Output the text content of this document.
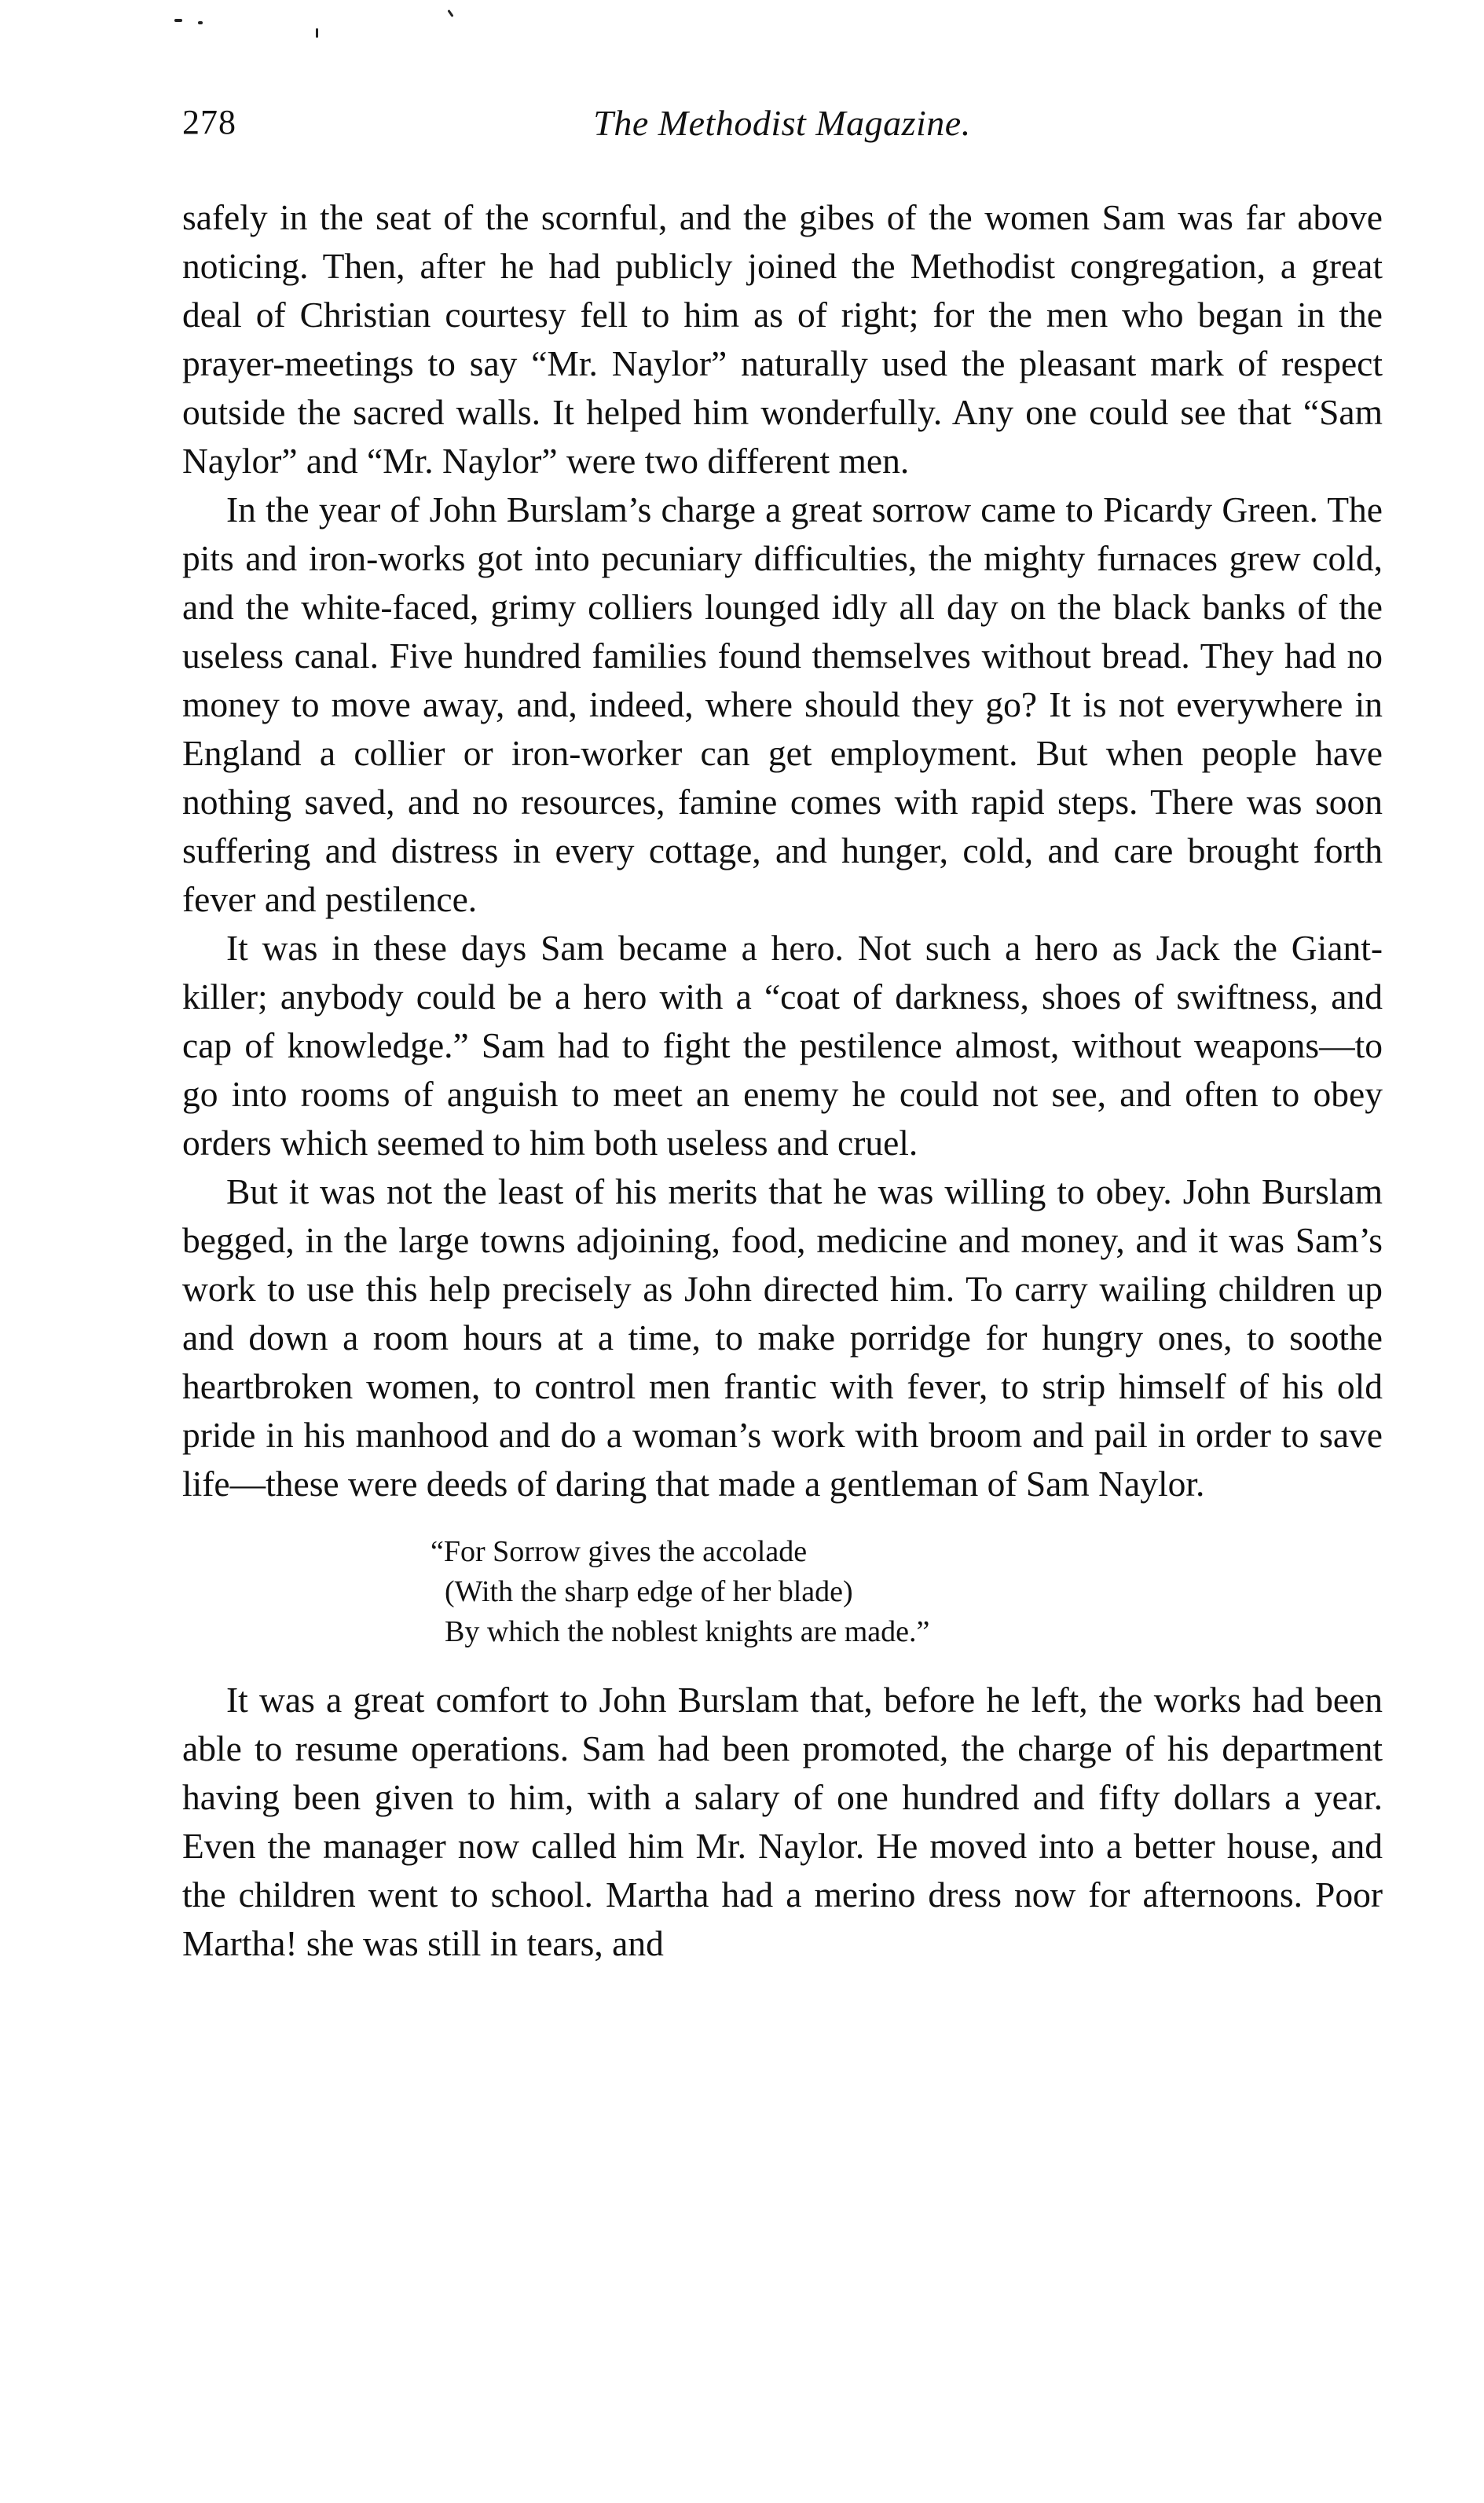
278	The Methodist Magazine.

safely in the seat of the scornful, and the gibes of the women Sam was far above noticing. Then, after he had publicly joined the Methodist congregation, a great deal of Christian courtesy fell to him as of right; for the men who began in the prayer-meetings to say “Mr. Naylor” naturally used the pleasant mark of respect outside the sacred walls. It helped him wonderfully. Any one could see that “Sam Naylor” and “Mr. Naylor” were two different men.

In the year of John Burslam’s charge a great sorrow came to Picardy Green. The pits and iron-works got into pecuniary difficulties, the mighty furnaces grew cold, and the white-faced, grimy colliers lounged idly all day on the black banks of the useless canal. Five hundred families found themselves without bread. They had no money to move away, and, indeed, where should they go? It is not everywhere in England a collier or iron-worker can get employment. But when people have nothing saved, and no resources, famine comes with rapid steps. There was soon suffering and distress in every cottage, and hunger, cold, and care brought forth fever and pestilence.

It was in these days Sam became a hero. Not such a hero as Jack the Giant-killer; anybody could be a hero with a “coat of darkness, shoes of swiftness, and cap of knowledge.” Sam had to fight the pestilence almost, without weapons—to go into rooms of anguish to meet an enemy he could not see, and often to obey orders which seemed to him both useless and cruel.

But it was not the least of his merits that he was willing to obey. John Burslam begged, in the large towns adjoining, food, medicine and money, and it was Sam’s work to use this help precisely as John directed him. To carry wailing children up and down a room hours at a time, to make porridge for hungry ones, to soothe heartbroken women, to control men frantic with fever, to strip himself of his old pride in his manhood and do a woman’s work with broom and pail in order to save life—these were deeds of daring that made a gentleman of Sam Naylor.

“For Sorrow gives the accolade
(With the sharp edge of her blade)
By which the noblest knights are made.”

It was a great comfort to John Burslam that, before he left, the works had been able to resume operations. Sam had been promoted, the charge of his department having been given to him, with a salary of one hundred and fifty dollars a year. Even the manager now called him Mr. Naylor. He moved into a better house, and the children went to school. Martha had a merino dress now for afternoons. Poor Martha! she was still in tears, and
